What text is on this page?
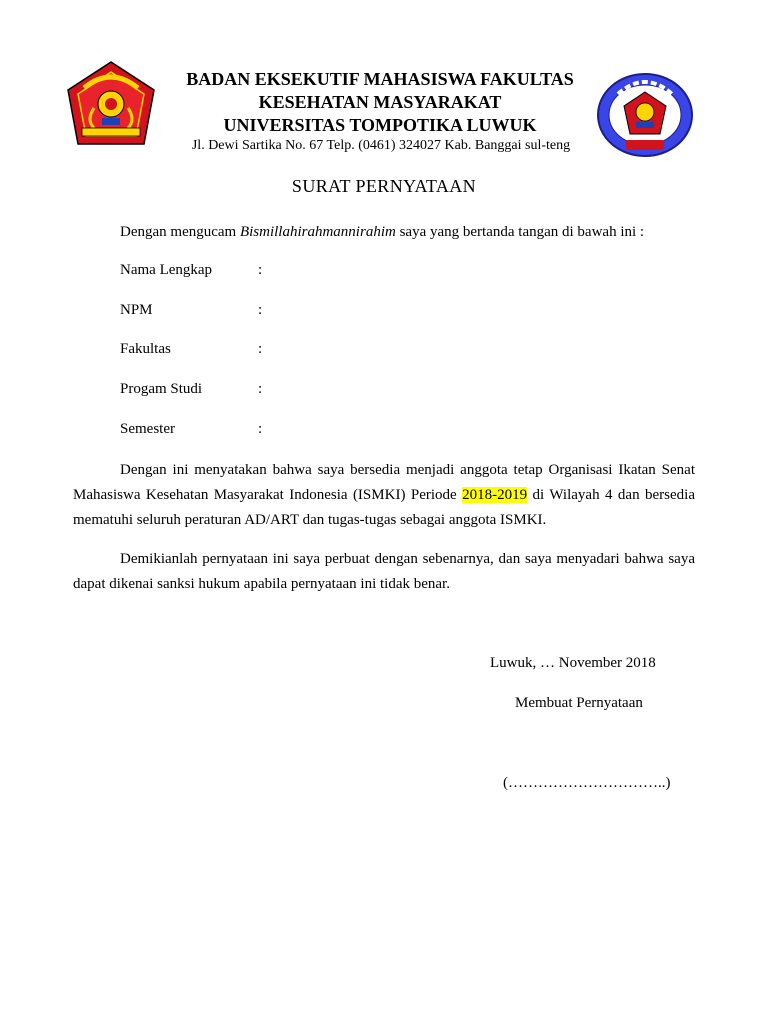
BADAN EKSEKUTIF MAHASISWA FAKULTAS
KESEHATAN MASYARAKAT
UNIVERSITAS TOMPOTIKA LUWUK
Jl. Dewi Sartika No. 67 Telp. (0461) 324027 Kab. Banggai sul-teng
SURAT PERNYATAAN
Dengan mengucam Bismillahirahmannirahim saya yang bertanda tangan di bawah ini :
Nama Lengkap	:
NPM	:
Fakultas	:
Progam Studi	:
Semester	:
Dengan ini menyatakan bahwa saya bersedia menjadi anggota tetap Organisasi Ikatan Senat Mahasiswa Kesehatan Masyarakat Indonesia (ISMKI) Periode 2018-2019 di Wilayah 4 dan bersedia mematuhi seluruh peraturan AD/ART dan tugas-tugas sebagai anggota ISMKI.
Demikianlah pernyataan ini saya perbuat dengan sebenarnya, dan saya menyadari bahwa saya dapat dikenai sanksi hukum apabila pernyataan ini tidak benar.
Luwuk, … November 2018
Membuat Pernyataan
(…………………………..)
